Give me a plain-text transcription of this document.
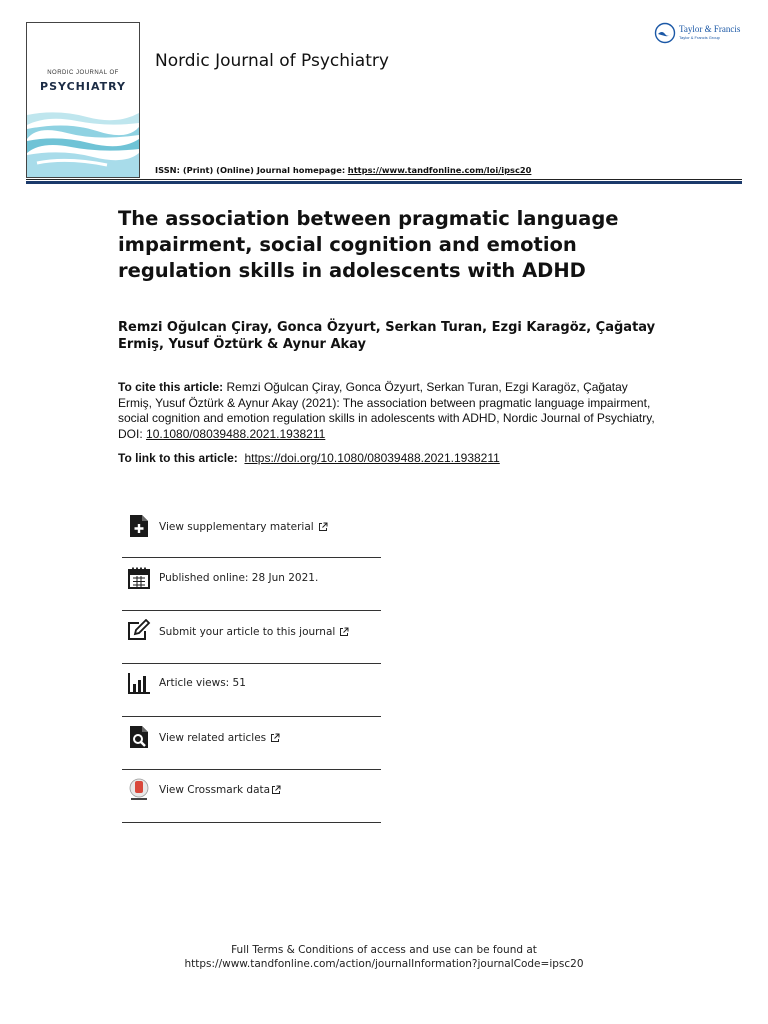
NORDIC JOURNAL OF
PSYCHIATRY
Nordic Journal of Psychiatry
ISSN: (Print) (Online) Journal homepage: https://www.tandfonline.com/loi/ipsc20
Taylor & Francis
Taylor & Francis Group
The association between pragmatic language impairment, social cognition and emotion regulation skills in adolescents with ADHD

Remzi Oğulcan Çiray, Gonca Özyurt, Serkan Turan, Ezgi Karagöz, Çağatay Ermiş, Yusuf Öztürk & Aynur Akay

To cite this article: Remzi Oğulcan Çiray, Gonca Özyurt, Serkan Turan, Ezgi Karagöz, Çağatay Ermiş, Yusuf Öztürk & Aynur Akay (2021): The association between pragmatic language impairment, social cognition and emotion regulation skills in adolescents with ADHD, Nordic Journal of Psychiatry, DOI: 10.1080/08039488.2021.1938211

To link to this article: https://doi.org/10.1080/08039488.2021.1938211

View supplementary material
Published online: 28 Jun 2021.
Submit your article to this journal
Article views: 51
View related articles
View Crossmark data
Full Terms & Conditions of access and use can be found at
https://www.tandfonline.com/action/journalInformation?journalCode=ipsc20
